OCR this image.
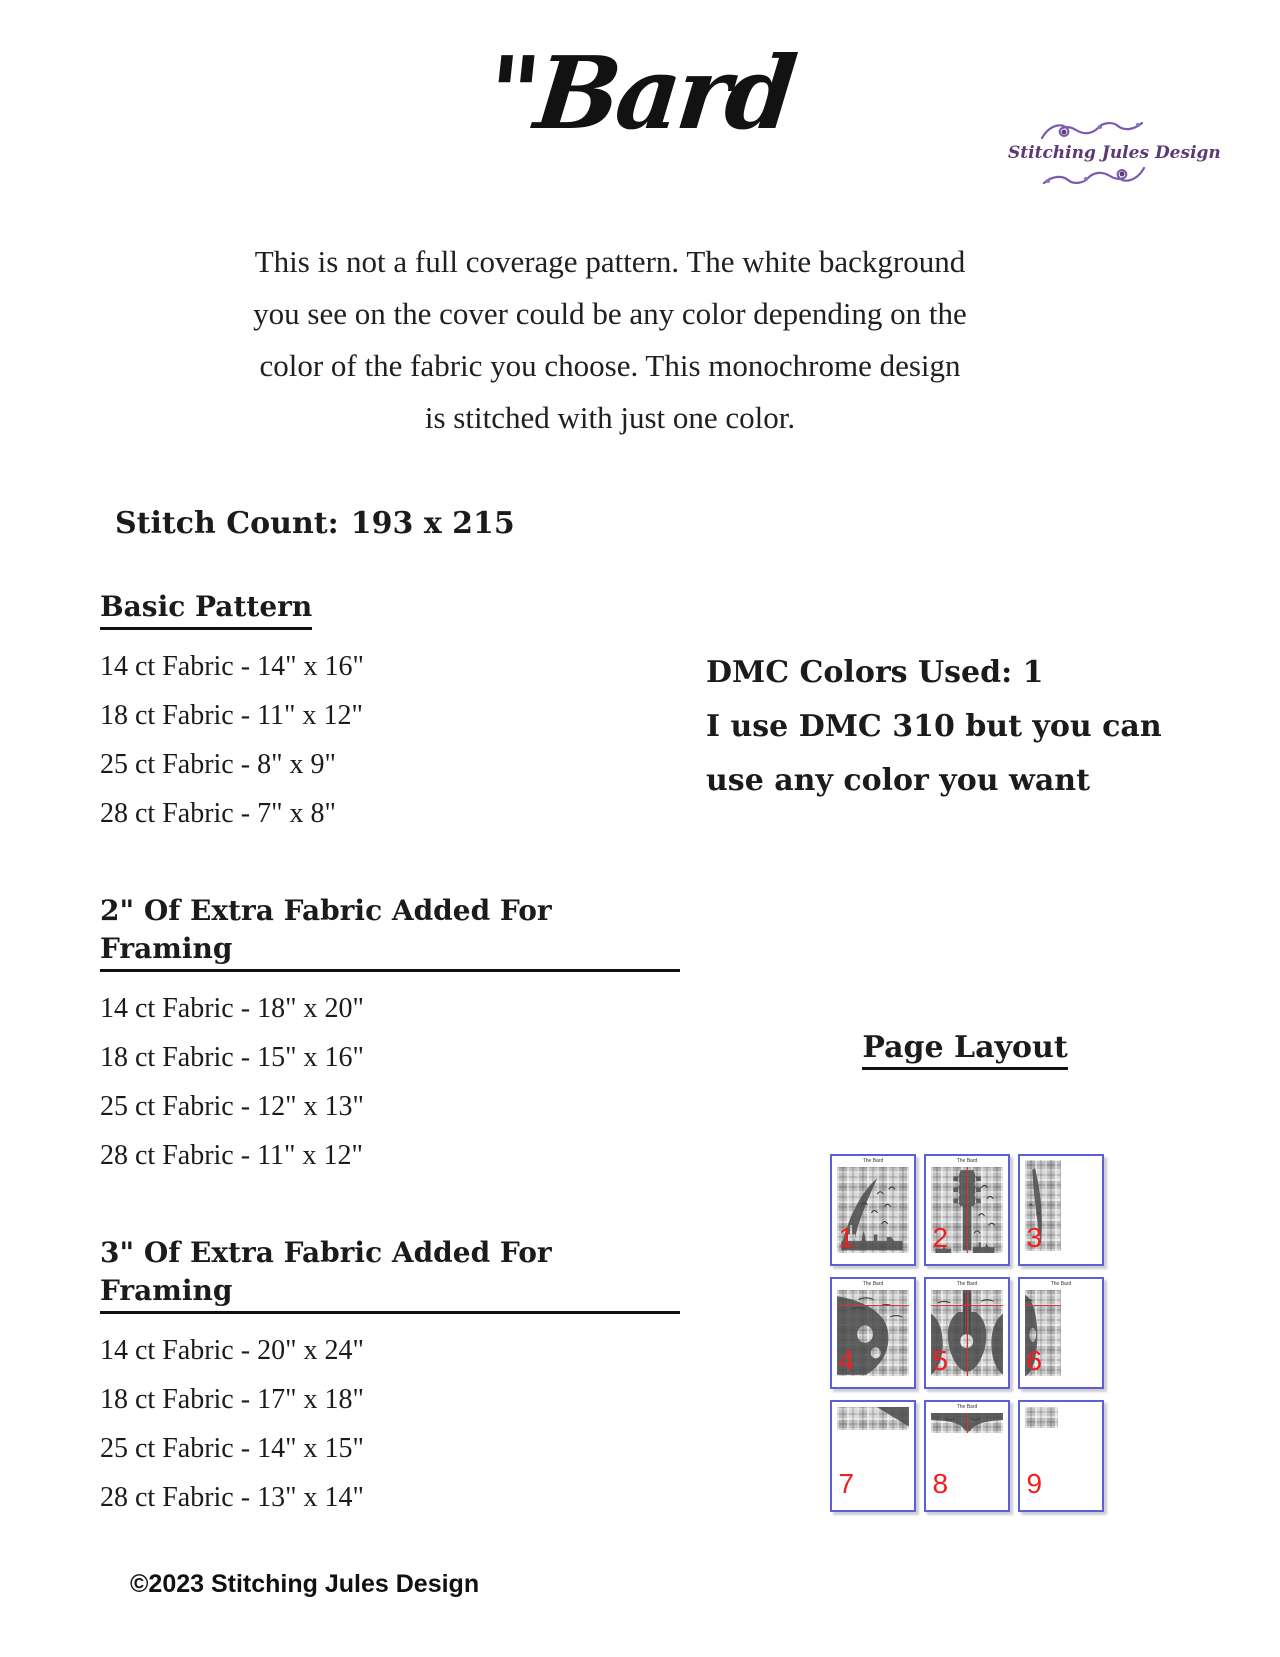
"Bard
Stitching Jules Design
This is not a full coverage pattern. The white background
you see on the cover could be any color depending on the
color of the fabric you choose. This monochrome design
is stitched with just one color.
Stitch Count: 193 x 215
Basic Pattern
14 ct Fabric - 14" x 16"
18 ct Fabric - 11" x 12"
25 ct Fabric - 8" x 9"
28 ct Fabric - 7" x 8"
2" Of Extra Fabric Added For Framing
14 ct Fabric - 18" x 20"
18 ct Fabric - 15" x 16"
25 ct Fabric - 12" x 13"
28 ct Fabric - 11" x 12"
3" Of Extra Fabric Added For Framing
14 ct Fabric - 20" x 24"
18 ct Fabric - 17" x 18"
25 ct Fabric - 14" x 15"
28 ct Fabric - 13" x 14"
DMC Colors Used: 1
I use DMC 310 but you can
use any color you want
Page Layout
The Bard
1
The Bard
2	3
The Bard
4
The Bard
5
The Bard
6
7
The Bard
8	9
©2023 Stitching Jules Design
